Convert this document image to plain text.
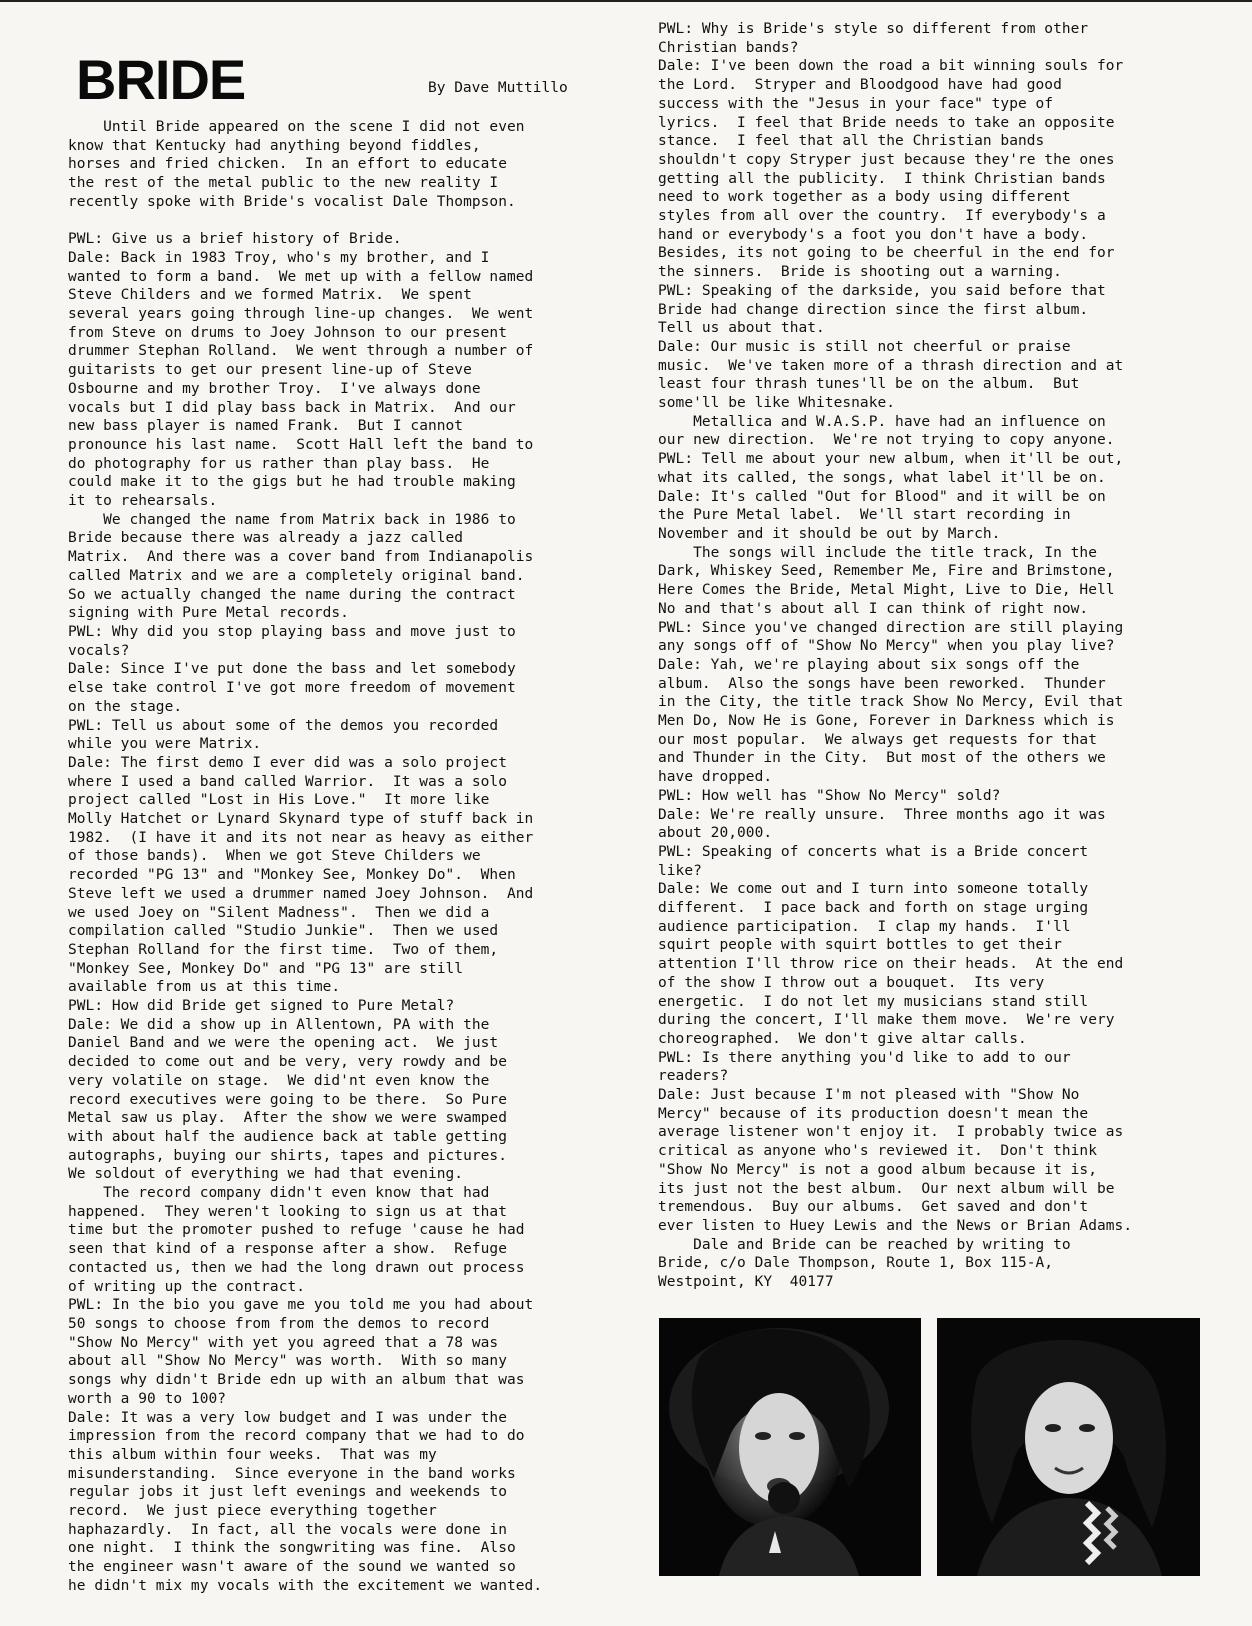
BRIDE	By Dave Muttillo
Until Bride appeared on the scene I did not even
know that Kentucky had anything beyond fiddles,
horses and fried chicken.  In an effort to educate
the rest of the metal public to the new reality I
recently spoke with Bride's vocalist Dale Thompson.

PWL: Give us a brief history of Bride.
Dale: Back in 1983 Troy, who's my brother, and I
wanted to form a band.  We met up with a fellow named
Steve Childers and we formed Matrix.  We spent
several years going through line-up changes.  We went
from Steve on drums to Joey Johnson to our present
drummer Stephan Rolland.  We went through a number of
guitarists to get our present line-up of Steve
Osbourne and my brother Troy.  I've always done
vocals but I did play bass back in Matrix.  And our
new bass player is named Frank.  But I cannot
pronounce his last name.  Scott Hall left the band to
do photography for us rather than play bass.  He
could make it to the gigs but he had trouble making
it to rehearsals.
We changed the name from Matrix back in 1986 to
Bride because there was already a jazz called
Matrix.  And there was a cover band from Indianapolis
called Matrix and we are a completely original band.
So we actually changed the name during the contract
signing with Pure Metal records.
PWL: Why did you stop playing bass and move just to
vocals?
Dale: Since I've put done the bass and let somebody
else take control I've got more freedom of movement
on the stage.
PWL: Tell us about some of the demos you recorded
while you were Matrix.
Dale: The first demo I ever did was a solo project
where I used a band called Warrior.  It was a solo
project called "Lost in His Love."  It more like
Molly Hatchet or Lynard Skynard type of stuff back in
1982.  (I have it and its not near as heavy as either
of those bands).  When we got Steve Childers we
recorded "PG 13" and "Monkey See, Monkey Do".  When
Steve left we used a drummer named Joey Johnson.  And
we used Joey on "Silent Madness".  Then we did a
compilation called "Studio Junkie".  Then we used
Stephan Rolland for the first time.  Two of them,
"Monkey See, Monkey Do" and "PG 13" are still
available from us at this time.
PWL: How did Bride get signed to Pure Metal?
Dale: We did a show up in Allentown, PA with the
Daniel Band and we were the opening act.  We just
decided to come out and be very, very rowdy and be
very volatile on stage.  We did'nt even know the
record executives were going to be there.  So Pure
Metal saw us play.  After the show we were swamped
with about half the audience back at table getting
autographs, buying our shirts, tapes and pictures.
We soldout of everything we had that evening.
The record company didn't even know that had
happened.  They weren't looking to sign us at that
time but the promoter pushed to refuge 'cause he had
seen that kind of a response after a show.  Refuge
contacted us, then we had the long drawn out process
of writing up the contract.
PWL: In the bio you gave me you told me you had about
50 songs to choose from from the demos to record
"Show No Mercy" with yet you agreed that a 78 was
about all "Show No Mercy" was worth.  With so many
songs why didn't Bride edn up with an album that was
worth a 90 to 100?
Dale: It was a very low budget and I was under the
impression from the record company that we had to do
this album within four weeks.  That was my
misunderstanding.  Since everyone in the band works
regular jobs it just left evenings and weekends to
record.  We just piece everything together
haphazardly.  In fact, all the vocals were done in
one night.  I think the songwriting was fine.  Also
the engineer wasn't aware of the sound we wanted so
he didn't mix my vocals with the excitement we wanted.
PWL: Why is Bride's style so different from other
Christian bands?
Dale: I've been down the road a bit winning souls for
the Lord.  Stryper and Bloodgood have had good
success with the "Jesus in your face" type of
lyrics.  I feel that Bride needs to take an opposite
stance.  I feel that all the Christian bands
shouldn't copy Stryper just because they're the ones
getting all the publicity.  I think Christian bands
need to work together as a body using different
styles from all over the country.  If everybody's a
hand or everybody's a foot you don't have a body.
Besides, its not going to be cheerful in the end for
the sinners.  Bride is shooting out a warning.
PWL: Speaking of the darkside, you said before that
Bride had change direction since the first album.
Tell us about that.
Dale: Our music is still not cheerful or praise
music.  We've taken more of a thrash direction and at
least four thrash tunes'll be on the album.  But
some'll be like Whitesnake.
Metallica and W.A.S.P. have had an influence on
our new direction.  We're not trying to copy anyone.
PWL: Tell me about your new album, when it'll be out,
what its called, the songs, what label it'll be on.
Dale: It's called "Out for Blood" and it will be on
the Pure Metal label.  We'll start recording in
November and it should be out by March.
The songs will include the title track, In the
Dark, Whiskey Seed, Remember Me, Fire and Brimstone,
Here Comes the Bride, Metal Might, Live to Die, Hell
No and that's about all I can think of right now.
PWL: Since you've changed direction are still playing
any songs off of "Show No Mercy" when you play live?
Dale: Yah, we're playing about six songs off the
album.  Also the songs have been reworked.  Thunder
in the City, the title track Show No Mercy, Evil that
Men Do, Now He is Gone, Forever in Darkness which is
our most popular.  We always get requests for that
and Thunder in the City.  But most of the others we
have dropped.
PWL: How well has "Show No Mercy" sold?
Dale: We're really unsure.  Three months ago it was
about 20,000.
PWL: Speaking of concerts what is a Bride concert
like?
Dale: We come out and I turn into someone totally
different.  I pace back and forth on stage urging
audience participation.  I clap my hands.  I'll
squirt people with squirt bottles to get their
attention I'll throw rice on their heads.  At the end
of the show I throw out a bouquet.  Its very
energetic.  I do not let my musicians stand still
during the concert, I'll make them move.  We're very
choreographed.  We don't give altar calls.
PWL: Is there anything you'd like to add to our
readers?
Dale: Just because I'm not pleased with "Show No
Mercy" because of its production doesn't mean the
average listener won't enjoy it.  I probably twice as
critical as anyone who's reviewed it.  Don't think
"Show No Mercy" is not a good album because it is,
its just not the best album.  Our next album will be
tremendous.  Buy our albums.  Get saved and don't
ever listen to Huey Lewis and the News or Brian Adams.
Dale and Bride can be reached by writing to
Bride, c/o Dale Thompson, Route 1, Box 115-A,
Westpoint, KY  40177
